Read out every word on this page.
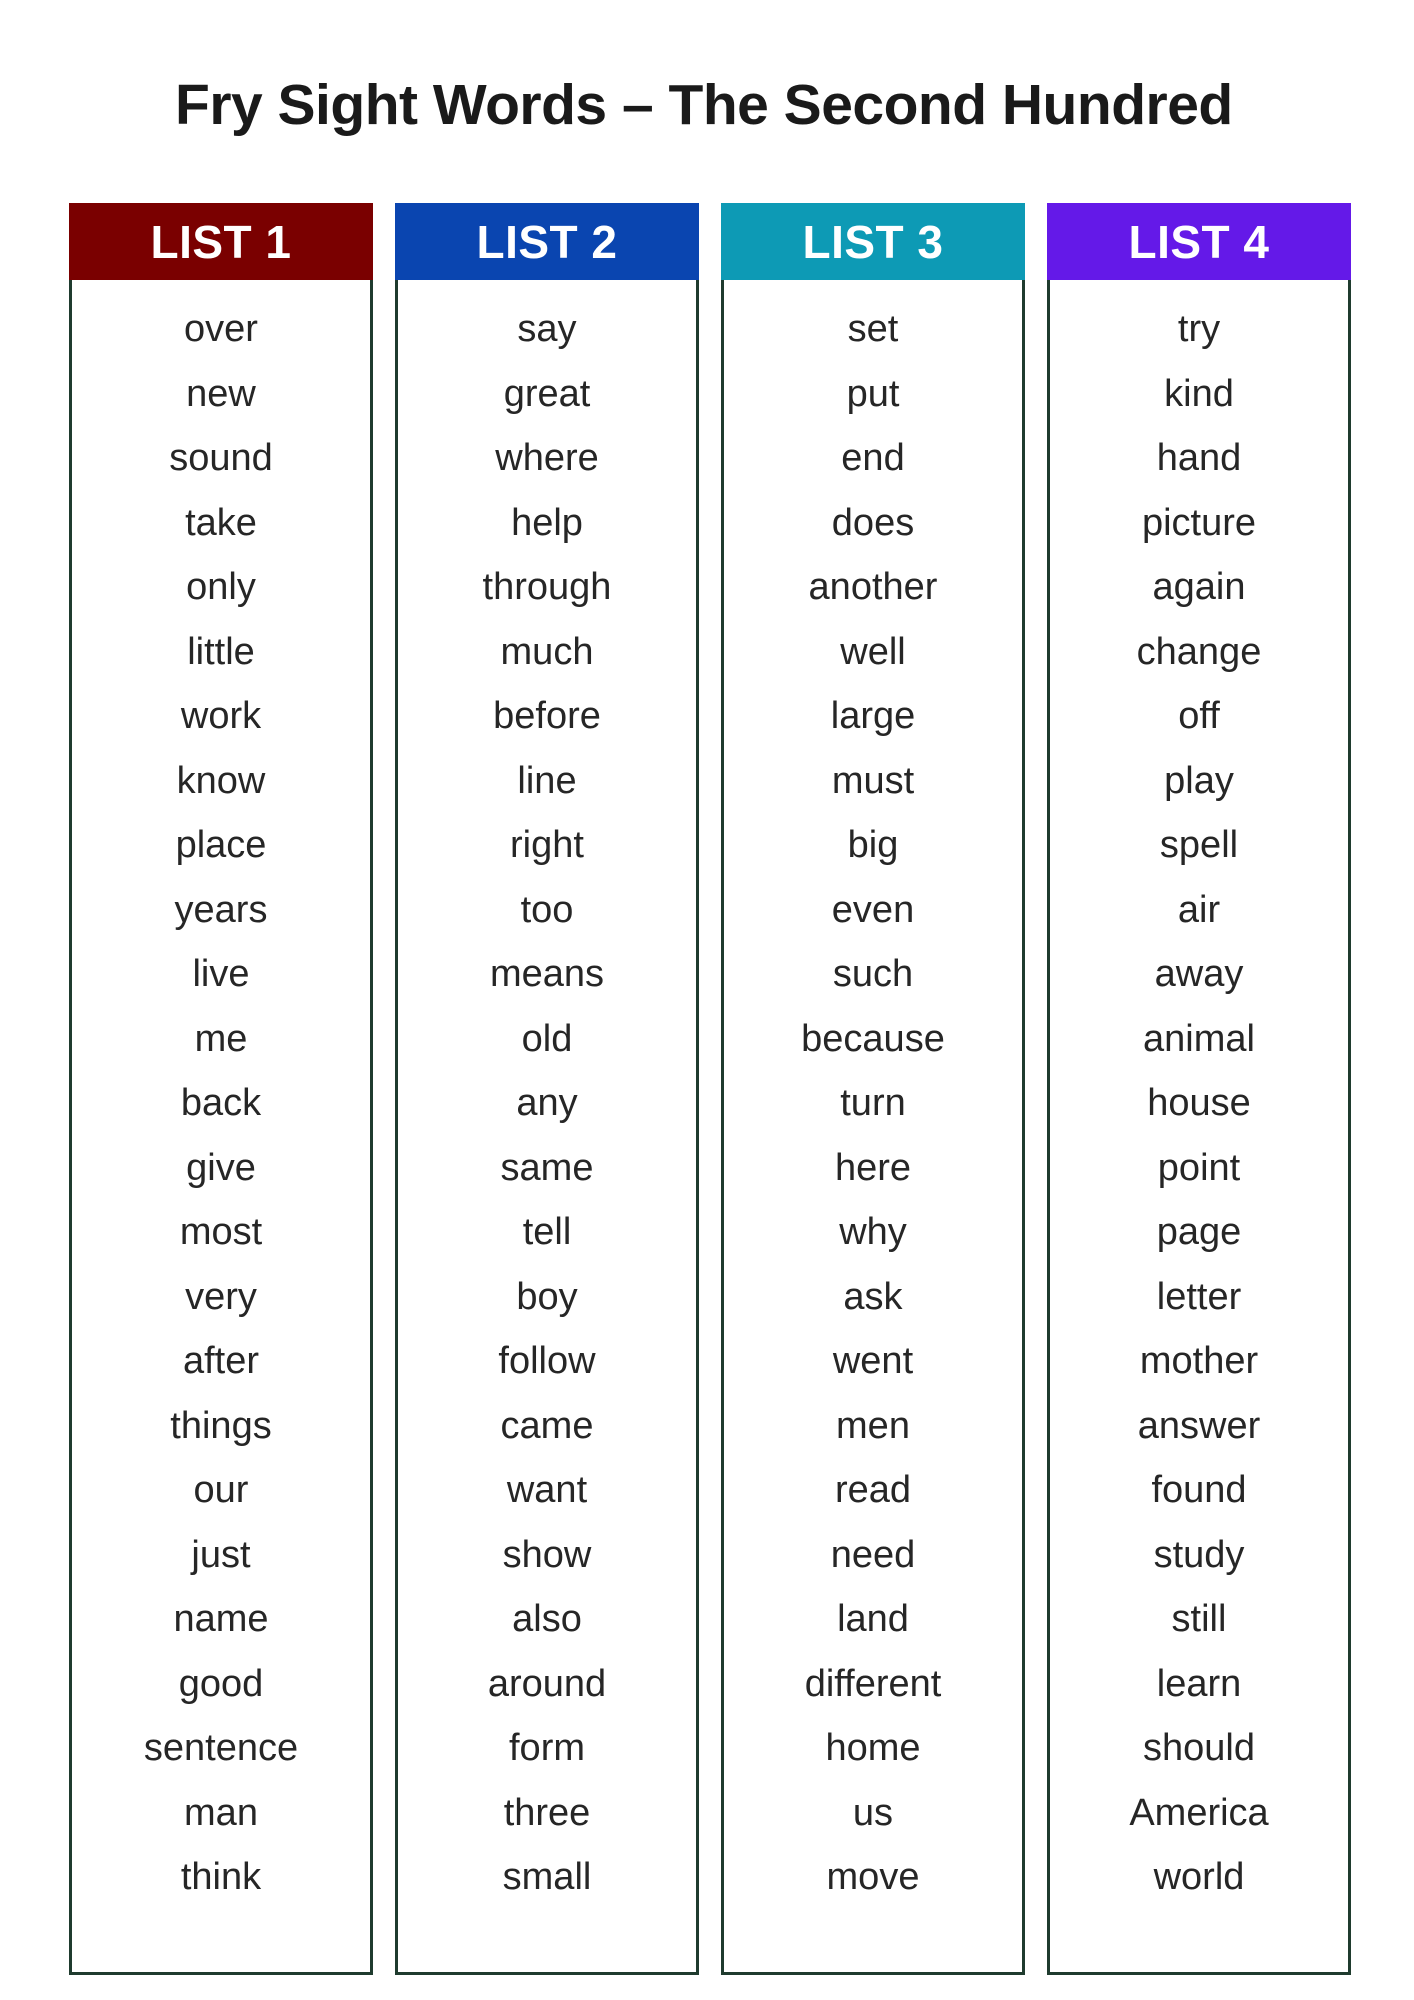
Fry Sight Words – The Second Hundred
LIST 1
over
new
sound
take
only
little
work
know
place
years
live
me
back
give
most
very
after
things
our
just
name
good
sentence
man
think
LIST 2
say
great
where
help
through
much
before
line
right
too
means
old
any
same
tell
boy
follow
came
want
show
also
around
form
three
small
LIST 3
set
put
end
does
another
well
large
must
big
even
such
because
turn
here
why
ask
went
men
read
need
land
different
home
us
move
LIST 4
try
kind
hand
picture
again
change
off
play
spell
air
away
animal
house
point
page
letter
mother
answer
found
study
still
learn
should
America
world
